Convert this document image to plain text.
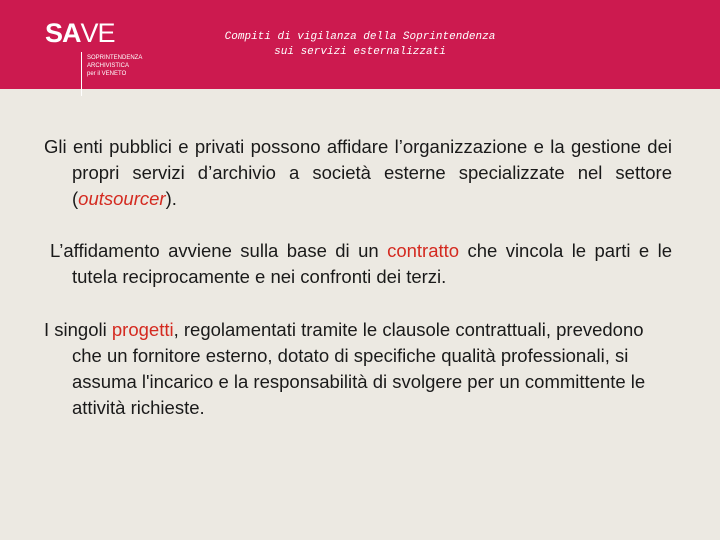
SAVE
SOPRINTENDENZA
ARCHIVISTICA
per il VENETO
Compiti di vigilanza della Soprintendenza
sui servizi esternalizzati

Gli enti pubblici e privati possono affidare l’organizzazione e la gestione dei propri servizi d’archivio a società esterne specializzate nel settore (outsourcer).

L’affidamento avviene sulla base di un contratto che vincola le parti e le tutela reciprocamente e nei confronti dei terzi.

I singoli progetti, regolamentati tramite le clausole contrattuali, prevedono che un fornitore esterno, dotato di specifiche qualità professionali, si assuma l'incarico e la responsabilità di svolgere per un committente le attività richieste.
